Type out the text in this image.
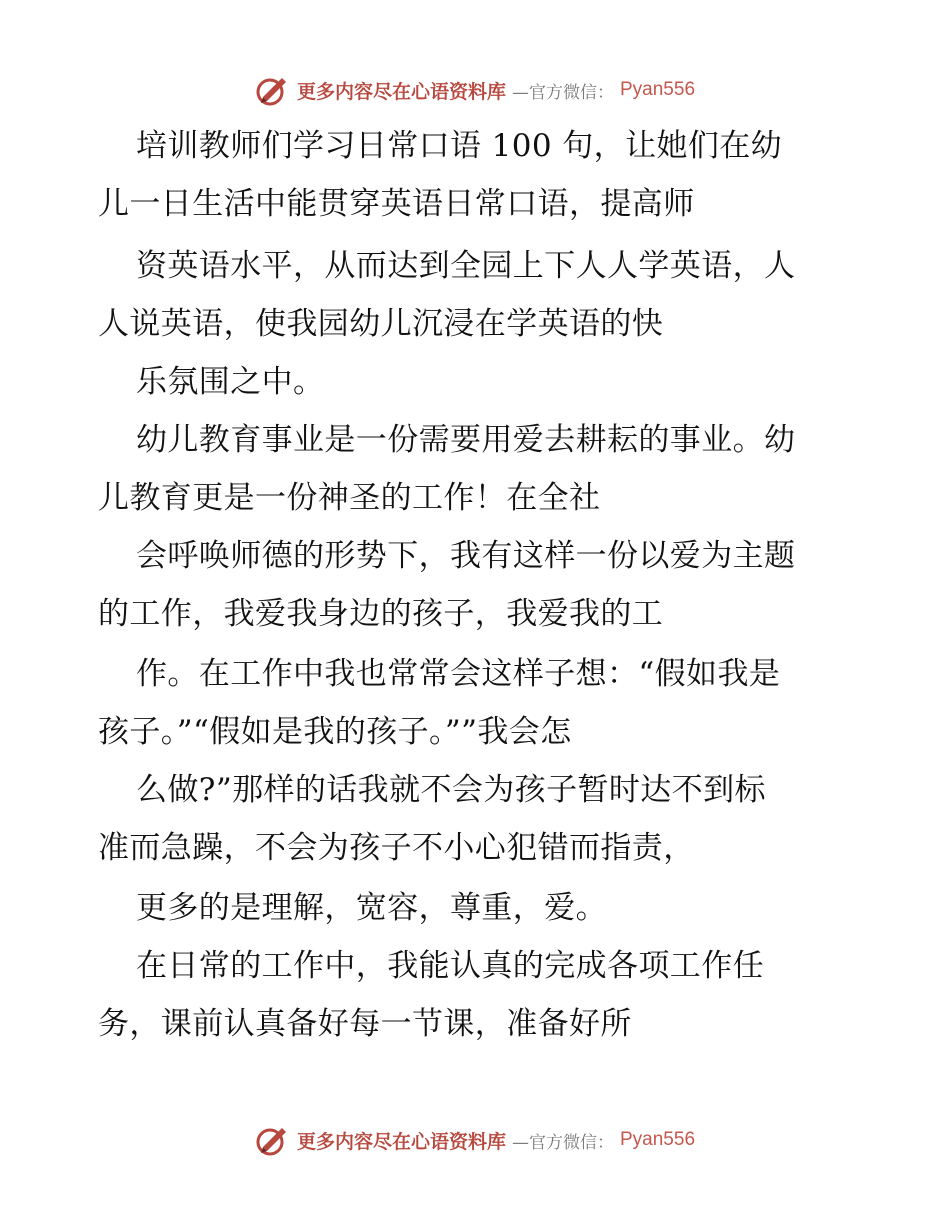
更多内容尽在心语资料库 —官方微信： Pyan556
培训教师们学习日常口语 100 句，让她们在幼
儿一日生活中能贯穿英语日常口语，提高师
资英语水平，从而达到全园上下人人学英语，人
人说英语，使我园幼儿沉浸在学英语的快
乐氛围之中。
幼儿教育事业是一份需要用爱去耕耘的事业。幼
儿教育更是一份神圣的工作！在全社
会呼唤师德的形势下，我有这样一份以爱为主题
的工作，我爱我身边的孩子，我爱我的工
作。在工作中我也常常会这样子想：“假如我是
孩子。”“假如是我的孩子。””我会怎
么做?”那样的话我就不会为孩子暂时达不到标
准而急躁，不会为孩子不小心犯错而指责，
更多的是理解，宽容，尊重，爱。
在日常的工作中，我能认真的完成各项工作任
务，课前认真备好每一节课，准备好所
更多内容尽在心语资料库 —官方微信： Pyan556
